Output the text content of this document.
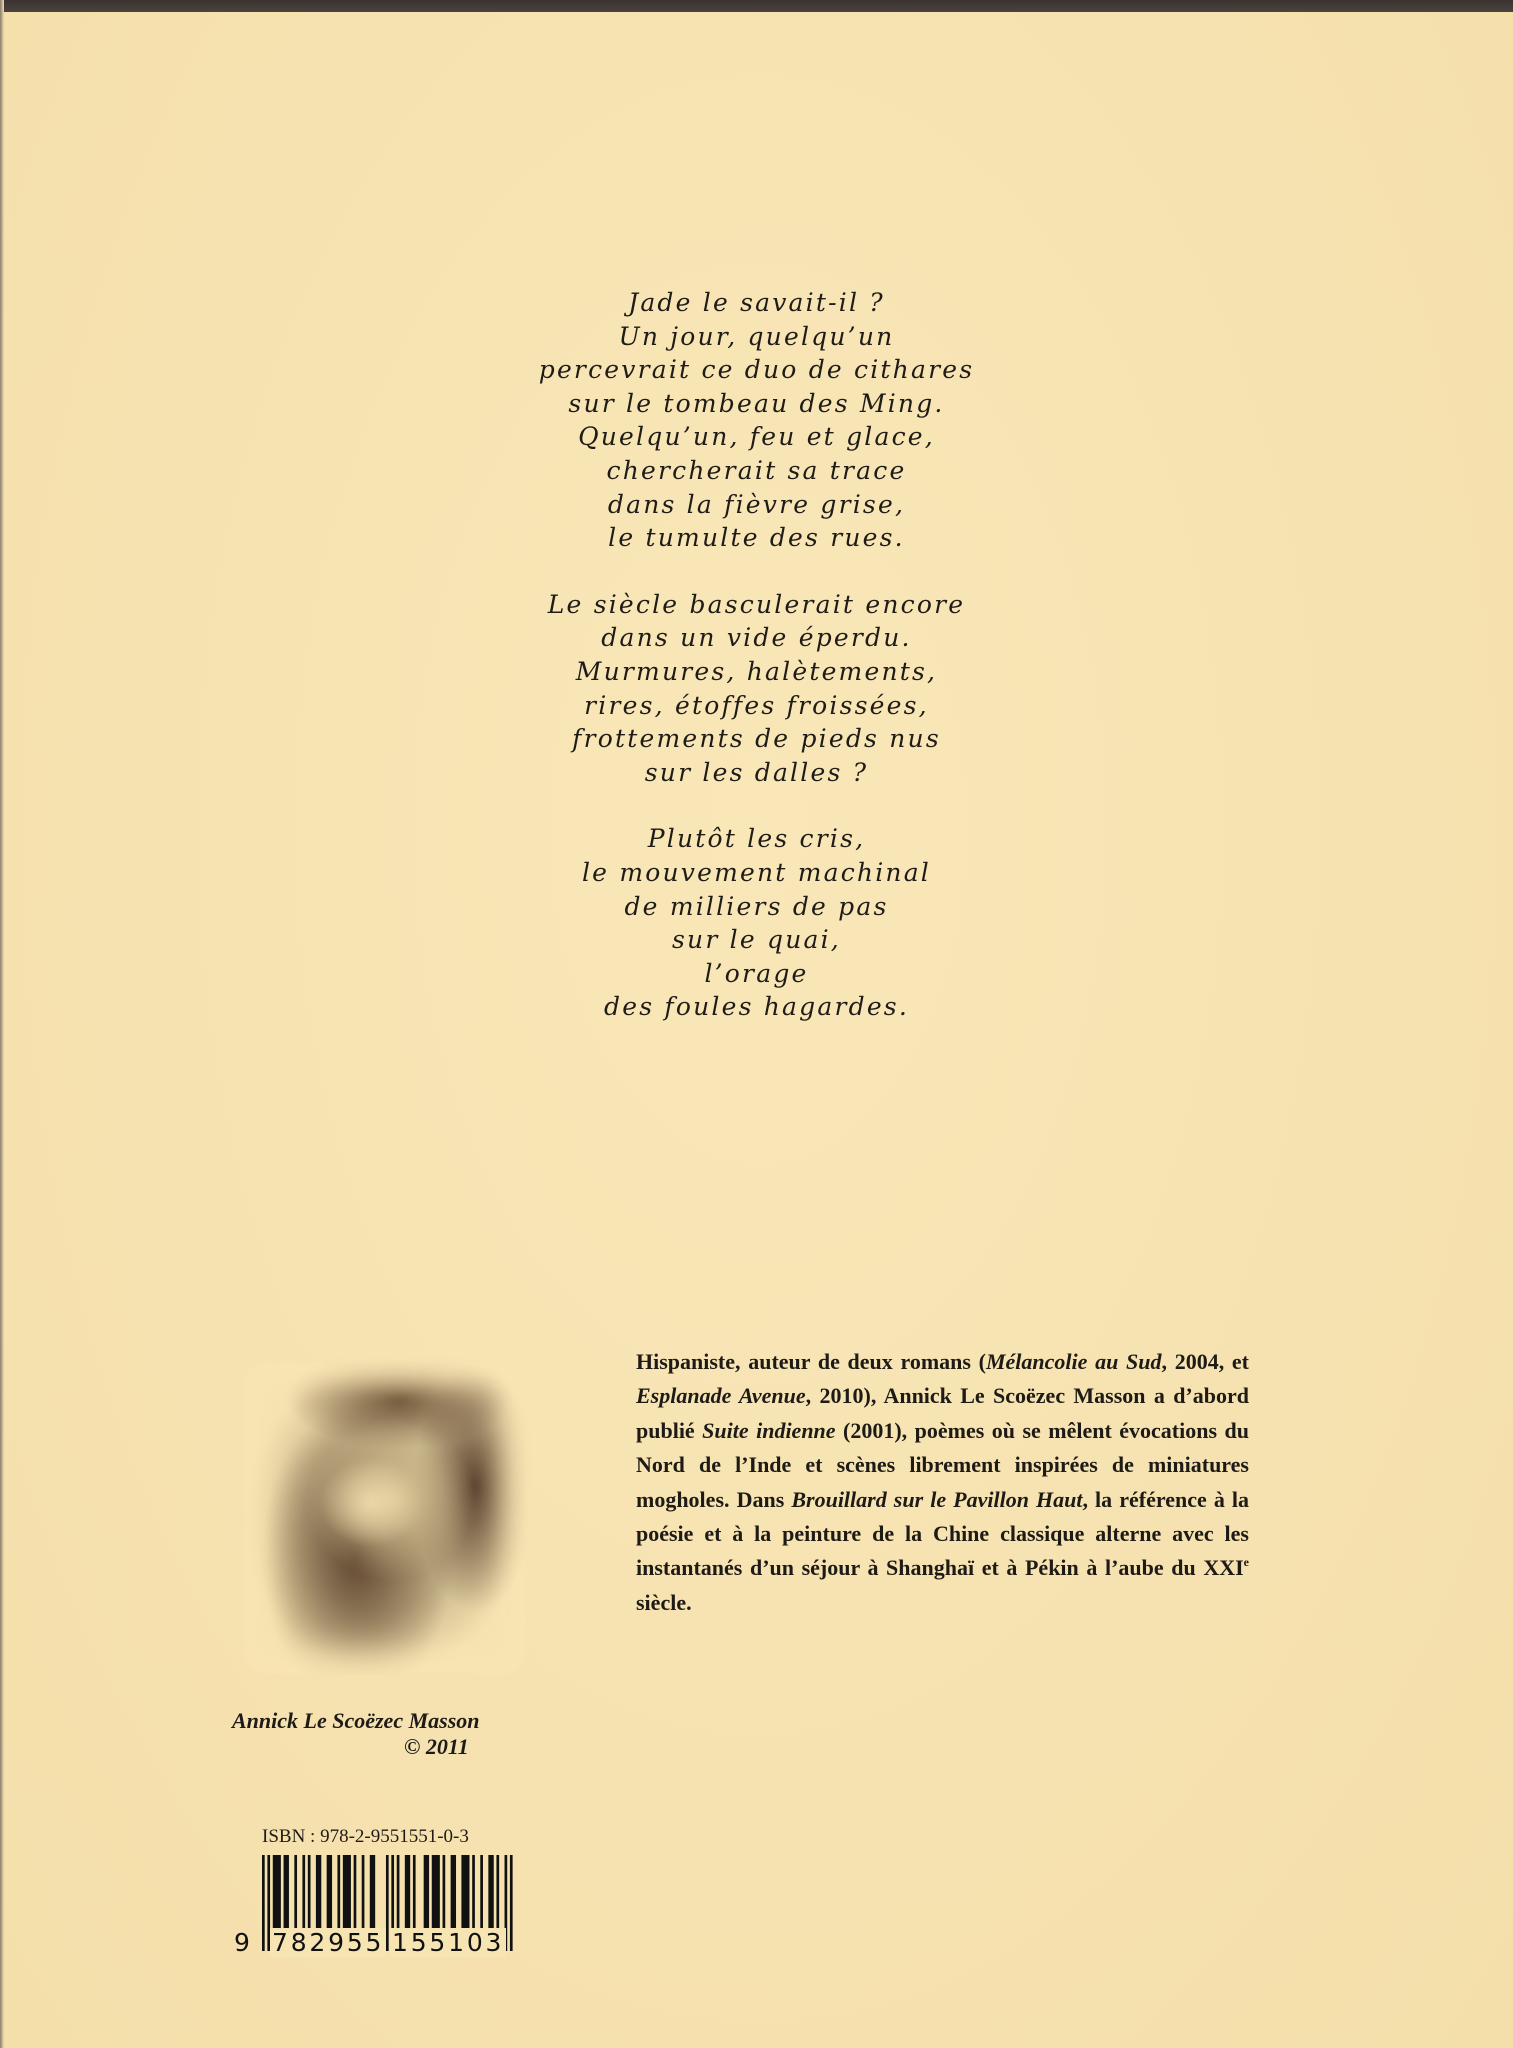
Jade le savait-il ?
Un jour, quelqu’un
percevrait ce duo de cithares
sur le tombeau des Ming.
Quelqu’un, feu et glace,
chercherait sa trace
dans la fièvre grise,
le tumulte des rues.
Le siècle basculerait encore
dans un vide éperdu.
Murmures, halètements,
rires, étoffes froissées,
frottements de pieds nus
sur les dalles ?
Plutôt les cris,
le mouvement machinal
de milliers de pas
sur le quai,
l’orage
des foules hagardes.
Annick Le Scoëzec Masson
© 2011
Hispaniste, auteur de deux romans (Mélancolie au Sud, 2004, et Esplanade Avenue, 2010), Annick Le Scoëzec Masson a d’abord publié Suite indienne (2001), poèmes où se mêlent évocations du Nord de l’Inde et scènes librement inspirées de miniatures mogholes. Dans Brouillard sur le Pavillon Haut, la référence à la poésie et à la peinture de la Chine classique alterne avec les instantanés d’un séjour à Shanghaï et à Pékin à l’aube du XXIe siècle.
ISBN : 978-2-9551551-0-3
9 782955 155103
